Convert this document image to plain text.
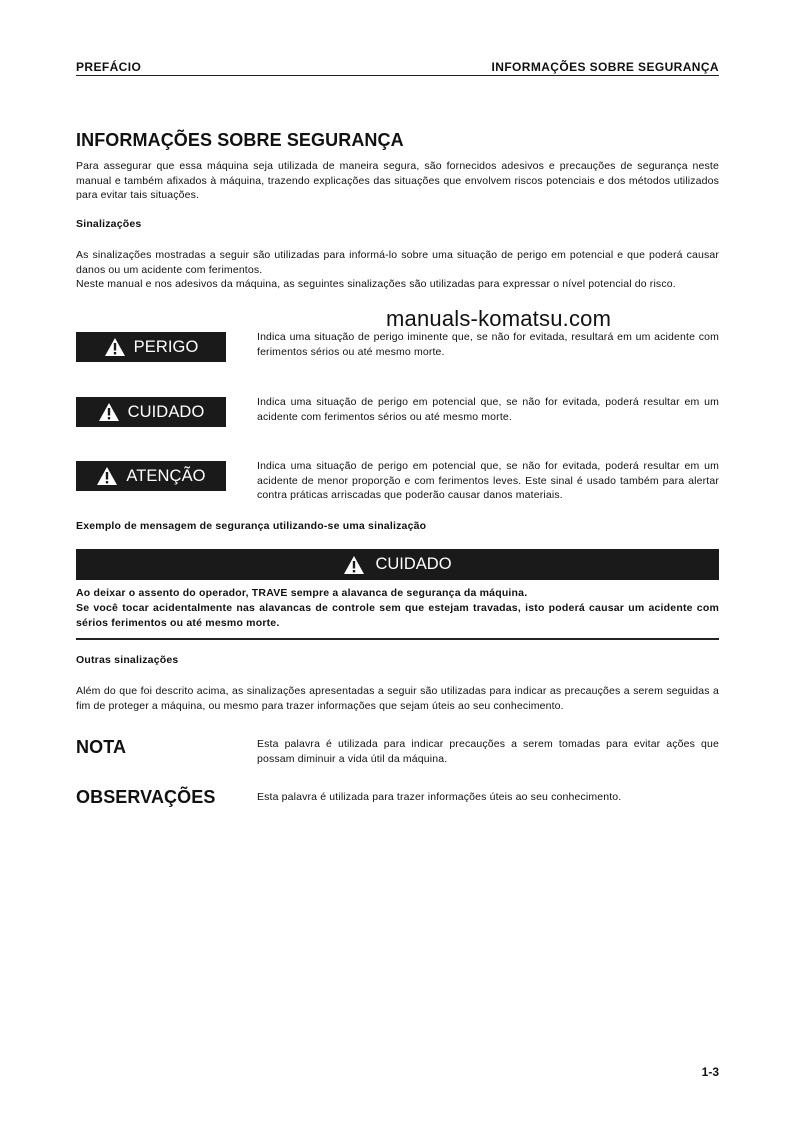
PREFÁCIO	INFORMAÇÕES SOBRE SEGURANÇA
INFORMAÇÕES SOBRE SEGURANÇA
Para assegurar que essa máquina seja utilizada de maneira segura, são fornecidos adesivos e precauções de segurança neste manual e também afixados à máquina, trazendo explicações das situações que envolvem riscos potenciais e dos métodos utilizados para evitar tais situações.
Sinalizações
As sinalizações mostradas a seguir são utilizadas para informá-lo sobre uma situação de perigo em potencial e que poderá causar danos ou um acidente com ferimentos.
Neste manual e nos adesivos da máquina, as seguintes sinalizações são utilizadas para expressar o nível potencial do risco.
manuals-komatsu.com
PERIGO
Indica uma situação de perigo iminente que, se não for evitada, resultará em um acidente com ferimentos sérios ou até mesmo morte.
CUIDADO
Indica uma situação de perigo em potencial que, se não for evitada, poderá resultar em um acidente com ferimentos sérios ou até mesmo morte.
ATENÇÃO
Indica uma situação de perigo em potencial que, se não for evitada, poderá resultar em um acidente de menor proporção e com ferimentos leves. Este sinal é usado também para alertar contra práticas arriscadas que poderão causar danos materiais.
Exemplo de mensagem de segurança utilizando-se uma sinalização
CUIDADO
Ao deixar o assento do operador, TRAVE sempre a alavanca de segurança da máquina.
Se você tocar acidentalmente nas alavancas de controle sem que estejam travadas, isto poderá causar um acidente com sérios ferimentos ou até mesmo morte.
Outras sinalizações
Além do que foi descrito acima, as sinalizações apresentadas a seguir são utilizadas para indicar as precauções a serem seguidas a fim de proteger a máquina, ou mesmo para trazer informações que sejam úteis ao seu conhecimento.
NOTA	Esta palavra é utilizada para indicar precauções a serem tomadas para evitar ações que possam diminuir a vida útil da máquina.
OBSERVAÇÕES	Esta palavra é utilizada para trazer informações úteis ao seu conhecimento.
1-3
